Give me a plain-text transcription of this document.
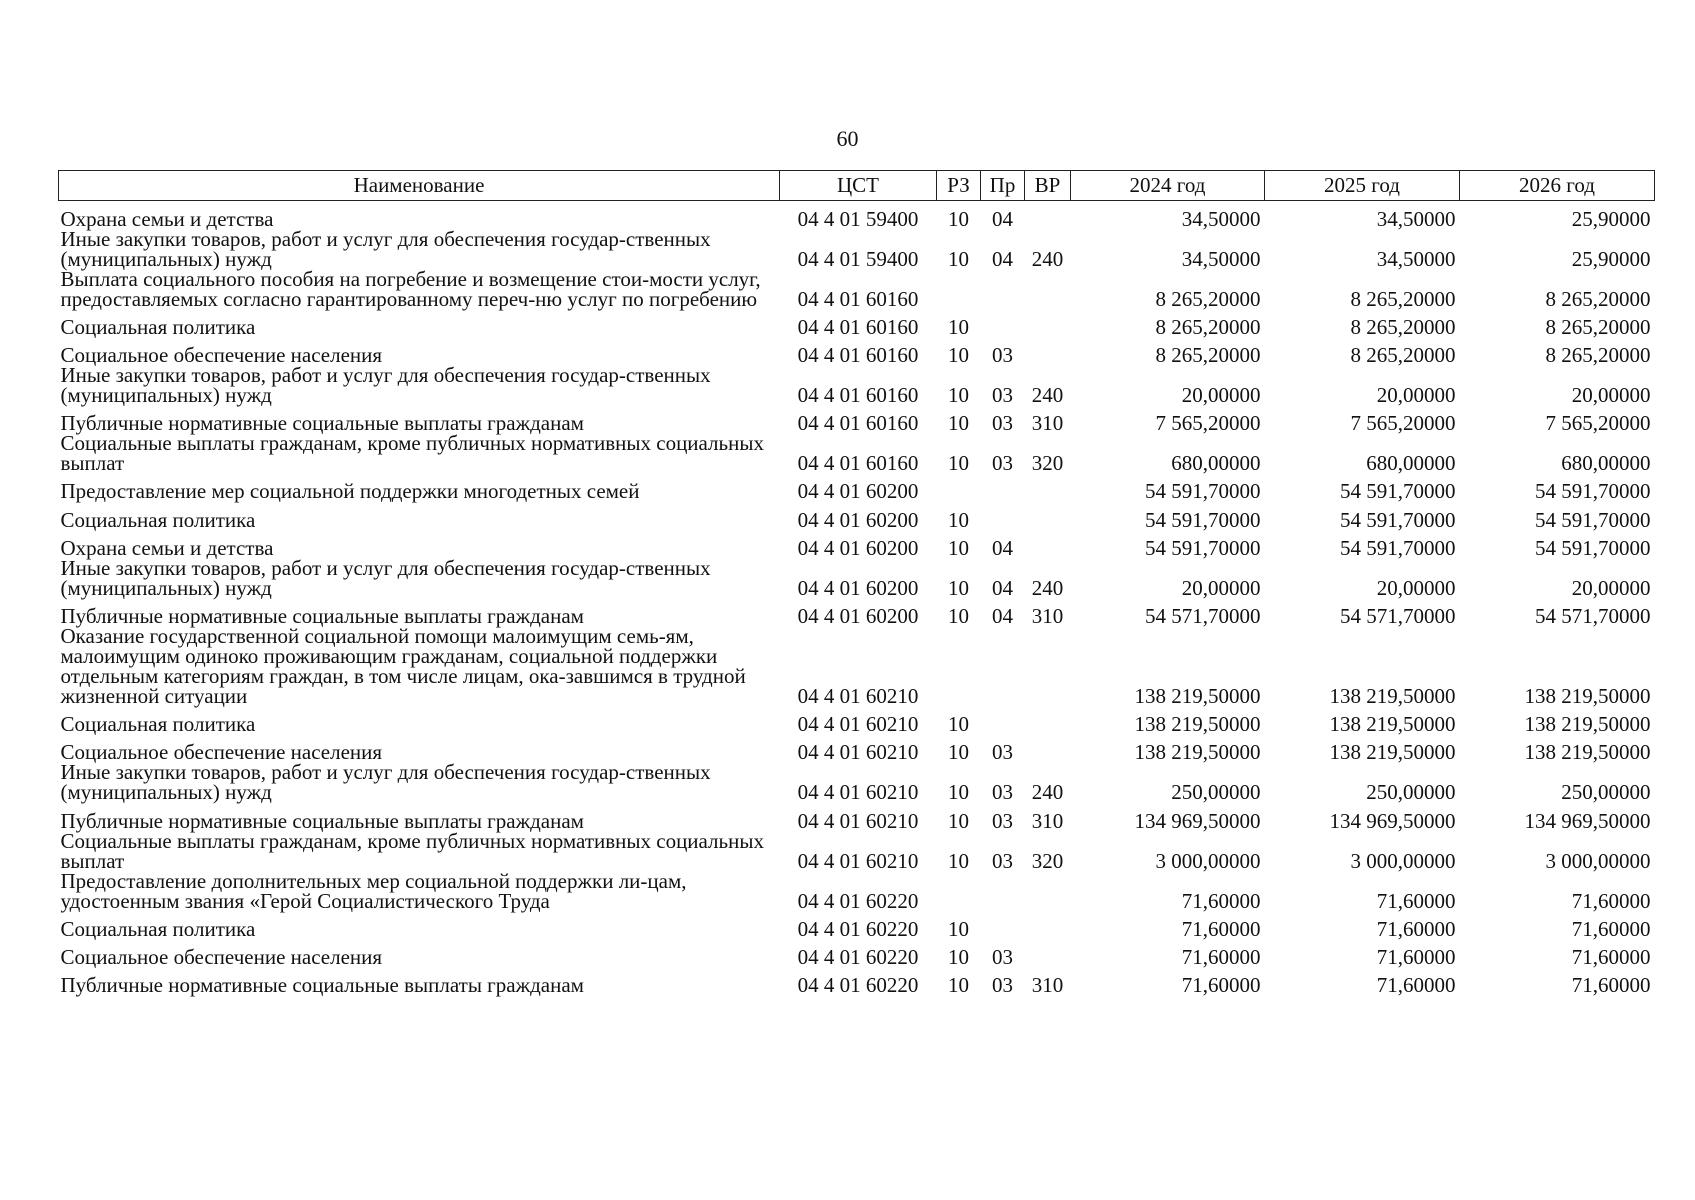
60
Наименование	ЦСТ	РЗ	Пр	ВР	2024 год	2025 год	2026 год
Охрана семьи и детства	04 4 01 59400	10	04		34,50000	34,50000	25,90000
Иные закупки товаров, работ и услуг для обеспечения государ-ственных (муниципальных) нужд	04 4 01 59400	10	04	240	34,50000	34,50000	25,90000
Выплата социального пособия на погребение и возмещение стои-мости услуг, предоставляемых согласно гарантированному переч-ню услуг по погребению	04 4 01 60160				8 265,20000	8 265,20000	8 265,20000
Социальная политика	04 4 01 60160	10			8 265,20000	8 265,20000	8 265,20000
Социальное обеспечение населения	04 4 01 60160	10	03		8 265,20000	8 265,20000	8 265,20000
Иные закупки товаров, работ и услуг для обеспечения государ-ственных (муниципальных) нужд	04 4 01 60160	10	03	240	20,00000	20,00000	20,00000
Публичные нормативные социальные выплаты гражданам	04 4 01 60160	10	03	310	7 565,20000	7 565,20000	7 565,20000
Социальные выплаты гражданам, кроме публичных нормативных социальных выплат	04 4 01 60160	10	03	320	680,00000	680,00000	680,00000
Предоставление мер социальной поддержки многодетных семей	04 4 01 60200				54 591,70000	54 591,70000	54 591,70000
Социальная политика	04 4 01 60200	10			54 591,70000	54 591,70000	54 591,70000
Охрана семьи и детства	04 4 01 60200	10	04		54 591,70000	54 591,70000	54 591,70000
Иные закупки товаров, работ и услуг для обеспечения государ-ственных (муниципальных) нужд	04 4 01 60200	10	04	240	20,00000	20,00000	20,00000
Публичные нормативные социальные выплаты гражданам	04 4 01 60200	10	04	310	54 571,70000	54 571,70000	54 571,70000
Оказание государственной социальной помощи малоимущим семь-ям, малоимущим одиноко проживающим гражданам, социальной поддержки отдельным категориям граждан, в том числе лицам, ока-завшимся в трудной жизненной ситуации	04 4 01 60210				138 219,50000	138 219,50000	138 219,50000
Социальная политика	04 4 01 60210	10			138 219,50000	138 219,50000	138 219,50000
Социальное обеспечение населения	04 4 01 60210	10	03		138 219,50000	138 219,50000	138 219,50000
Иные закупки товаров, работ и услуг для обеспечения государ-ственных (муниципальных) нужд	04 4 01 60210	10	03	240	250,00000	250,00000	250,00000
Публичные нормативные социальные выплаты гражданам	04 4 01 60210	10	03	310	134 969,50000	134 969,50000	134 969,50000
Социальные выплаты гражданам, кроме публичных нормативных социальных выплат	04 4 01 60210	10	03	320	3 000,00000	3 000,00000	3 000,00000
Предоставление дополнительных мер социальной поддержки ли-цам, удостоенным звания «Герой Социалистического Труда	04 4 01 60220				71,60000	71,60000	71,60000
Социальная политика	04 4 01 60220	10			71,60000	71,60000	71,60000
Социальное обеспечение населения	04 4 01 60220	10	03		71,60000	71,60000	71,60000
Публичные нормативные социальные выплаты гражданам	04 4 01 60220	10	03	310	71,60000	71,60000	71,60000
